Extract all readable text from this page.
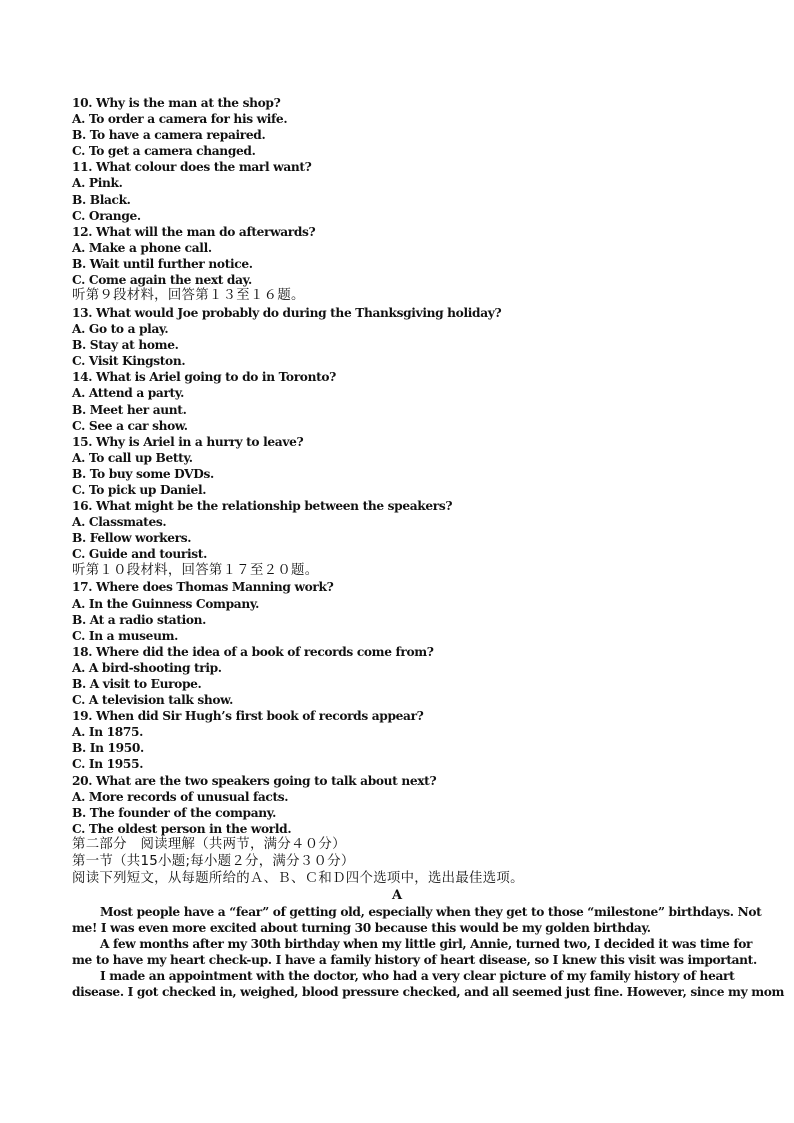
10. Why is the man at the shop?
A. To order a camera for his wife.
B. To have a camera repaired.
C. To get a camera changed.
11. What colour does the marl want?
A. Pink.
B. Black.
C. Orange.
12. What will the man do afterwards?
A. Make a phone call.
B. Wait until further notice.
C. Come again the next day.
听第９段材料，回答第１３至１６题。
13. What would Joe probably do during the Thanksgiving holiday?
A. Go to a play.
B. Stay at home.
C. Visit Kingston.
14. What is Ariel going to do in Toronto?
A. Attend a party.
B. Meet her aunt.
C. See a car show.
15. Why is Ariel in a hurry to leave?
A. To call up Betty.
B. To buy some DVDs.
C. To pick up Daniel.
16. What might be the relationship between the speakers?
A. Classmates.
B. Fellow workers.
C. Guide and tourist.
听第１０段材料，回答第１７至２０题。
17. Where does Thomas Manning work?
A. In the Guinness Company.
B. At a radio station.
C. In a museum.
18. Where did the idea of a book of records come from?
A. A bird-shooting trip.
B. A visit to Europe.
C. A television talk show.
19. When did Sir Hugh’s first book of records appear?
A. In 1875.
B. In 1950.
C. In 1955.
20. What are the two speakers going to talk about next?
A. More records of unusual facts.
B. The founder of the company.
C. The oldest person in the world.
第二部分　阅读理解（共两节，满分４０分）
第一节（共15小题;每小题２分，满分３０分）
阅读下列短文，从每题所给的Ａ、Ｂ、Ｃ和Ｄ四个选项中，选出最佳选项。
A
Most people have a “fear” of getting old, especially when they get to those “milestone” birthdays. Not
me! I was even more excited about turning 30 because this would be my golden birthday.
A few months after my 30th birthday when my little girl, Annie, turned two, I decided it was time for
me to have my heart check-up. I have a family history of heart disease, so I knew this visit was important.
I made an appointment with the doctor, who had a very clear picture of my family history of heart
disease. I got checked in, weighed, blood pressure checked, and all seemed just fine. However, since my mom
